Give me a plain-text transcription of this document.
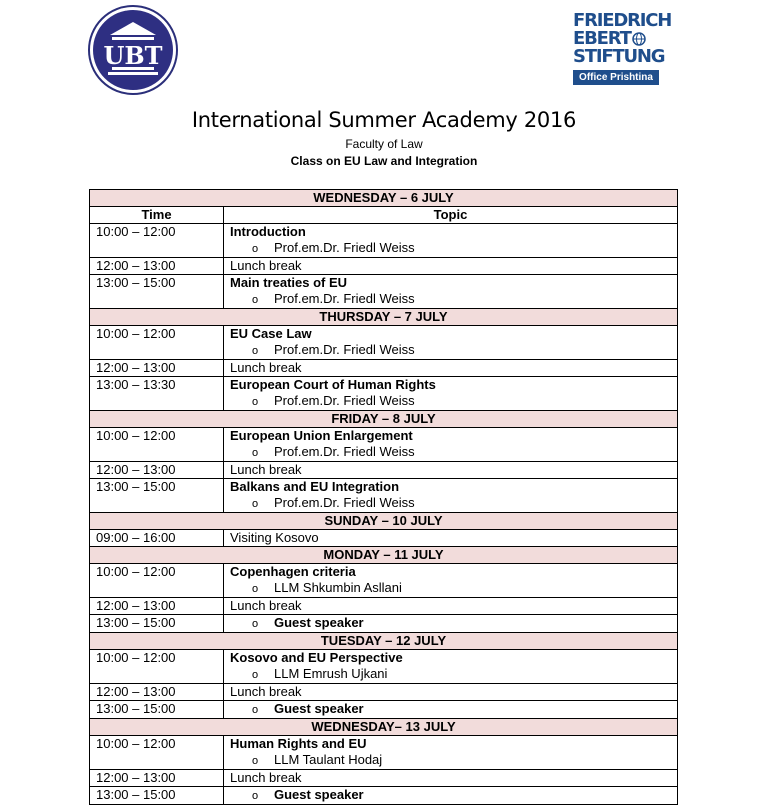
UBT
FRIEDRICH
EBERT
STIFTUNG
Office Prishtina
International Summer Academy 2016
Faculty of Law
Class on EU Law and Integration
WEDNESDAY – 6 JULY	
Time	Topic
10:00 – 12:00	Introduction
o Prof.em.Dr. Friedl Weiss

12:00 – 13:00	Lunch break

13:00 – 15:00	Main treaties of EU
o Prof.em.Dr. Friedl Weiss

THURSDAY – 7 JULY	
10:00 – 12:00	EU Case Law
o Prof.em.Dr. Friedl Weiss

12:00 – 13:00	Lunch break

13:00 – 13:30	European Court of Human Rights
o Prof.em.Dr. Friedl Weiss

FRIDAY – 8 JULY	
10:00 – 12:00	European Union Enlargement
o Prof.em.Dr. Friedl Weiss

12:00 – 13:00	Lunch break

13:00 – 15:00	Balkans and EU Integration
o Prof.em.Dr. Friedl Weiss

SUNDAY – 10 JULY	
09:00 – 16:00	Visiting Kosovo

MONDAY – 11 JULY	
10:00 – 12:00	Copenhagen criteria
o LLM Shkumbin Asllani

12:00 – 13:00	Lunch break

13:00 – 15:00	o Guest speaker

TUESDAY – 12 JULY	
10:00 – 12:00	Kosovo and EU Perspective
o LLM Emrush Ujkani

12:00 – 13:00	Lunch break

13:00 – 15:00	o Guest speaker

WEDNESDAY– 13 JULY	
10:00 – 12:00	Human Rights and EU
o LLM Taulant Hodaj

12:00 – 13:00	Lunch break

13:00 – 15:00	o Guest speaker
